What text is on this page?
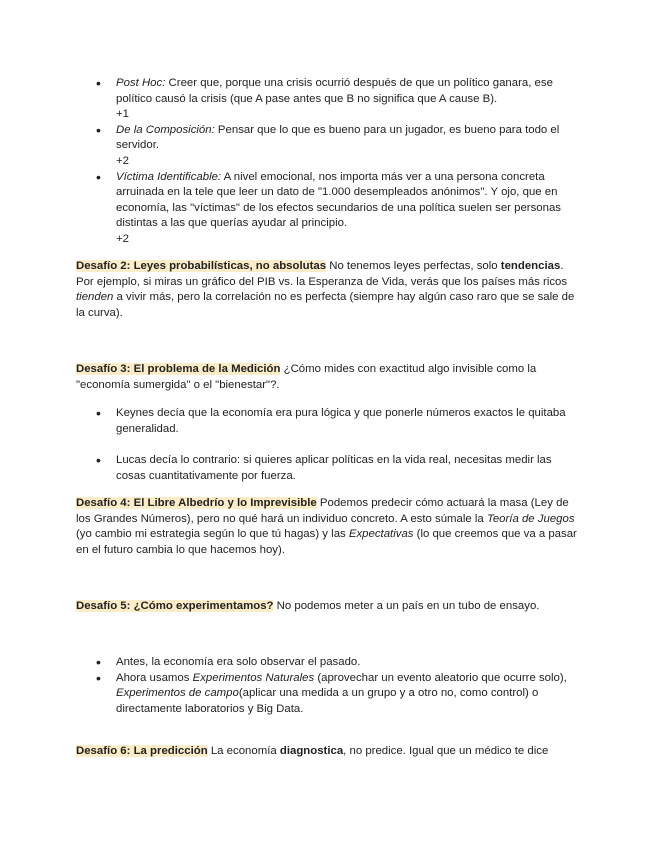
• Post Hoc: Creer que, porque una crisis ocurrió después de que un político ganara, ese político causó la crisis (que A pase antes que B no significa que A cause B).
+1
• De la Composición: Pensar que lo que es bueno para un jugador, es bueno para todo el servidor.
+2
• Víctima Identificable: A nivel emocional, nos importa más ver a una persona concreta arruinada en la tele que leer un dato de "1.000 desempleados anónimos". Y ojo, que en economía, las "víctimas" de los efectos secundarios de una política suelen ser personas distintas a las que querías ayudar al principio.
+2

Desafío 2: Leyes probabilísticas, no absolutas No tenemos leyes perfectas, solo tendencias. Por ejemplo, si miras un gráfico del PIB vs. la Esperanza de Vida, verás que los países más ricos tienden a vivir más, pero la correlación no es perfecta (siempre hay algún caso raro que se sale de la curva).

Desafío 3: El problema de la Medición ¿Cómo mides con exactitud algo invisible como la "economía sumergida" o el "bienestar"?.

• Keynes decía que la economía era pura lógica y que ponerle números exactos le quitaba generalidad.
• Lucas decía lo contrario: si quieres aplicar políticas en la vida real, necesitas medir las cosas cuantitativamente por fuerza.

Desafío 4: El Libre Albedrío y lo Imprevisible Podemos predecir cómo actuará la masa (Ley de los Grandes Números), pero no qué hará un individuo concreto. A esto súmale la Teoría de Juegos (yo cambio mi estrategia según lo que tú hagas) y las Expectativas (lo que creemos que va a pasar en el futuro cambia lo que hacemos hoy).

Desafío 5: ¿Cómo experimentamos? No podemos meter a un país en un tubo de ensayo.

• Antes, la economía era solo observar el pasado.
• Ahora usamos Experimentos Naturales (aprovechar un evento aleatorio que ocurre solo), Experimentos de campo(aplicar una medida a un grupo y a otro no, como control) o directamente laboratorios y Big Data.

Desafío 6: La predicción La economía diagnostica, no predice. Igual que un médico te dice
